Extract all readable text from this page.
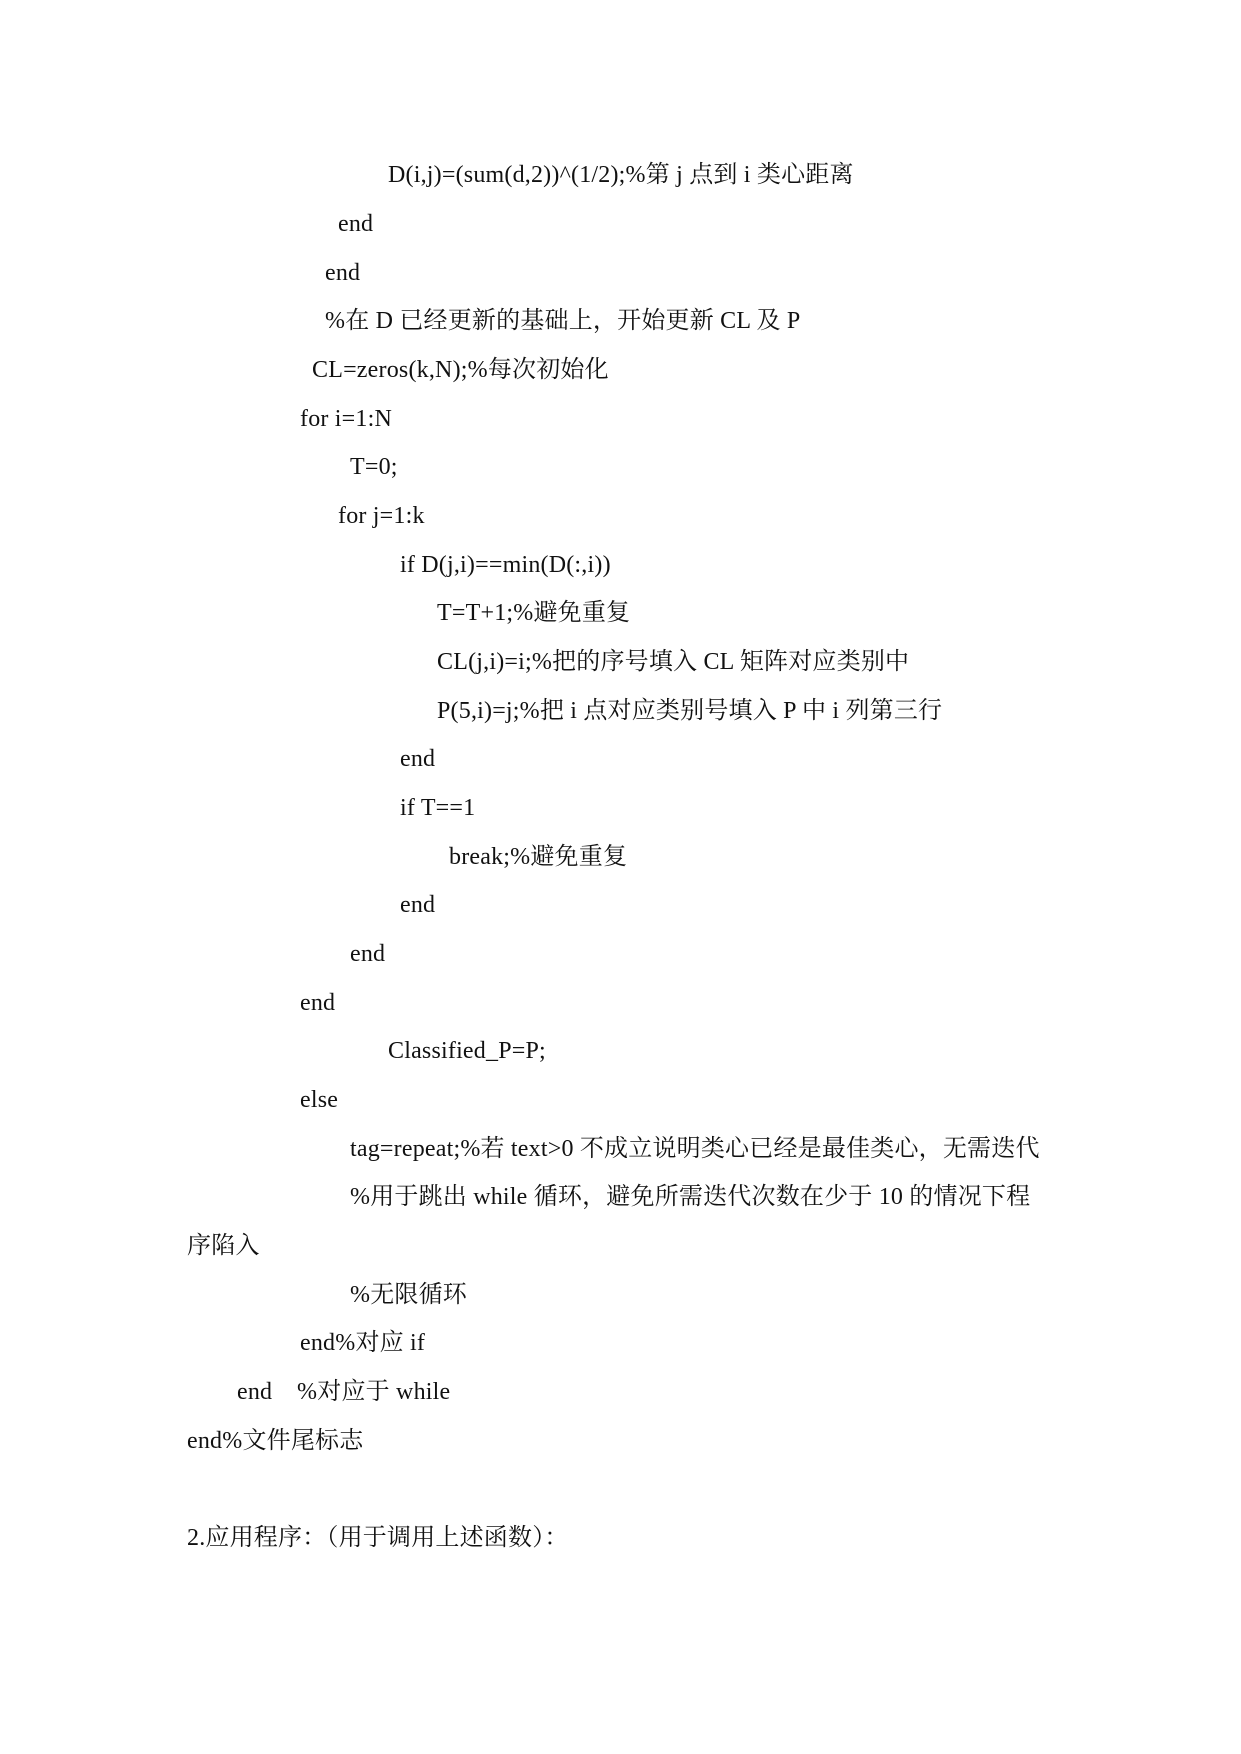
D(i,j)=(sum(d,2))^(1/2);%第 j 点到 i 类心距离
end
end
%在 D 已经更新的基础上，开始更新 CL 及 P
CL=zeros(k,N);%每次初始化
for i=1:N
T=0;
for j=1:k
if D(j,i)==min(D(:,i))
T=T+1;%避免重复
CL(j,i)=i;%把的序号填入 CL 矩阵对应类别中
P(5,i)=j;%把 i 点对应类别号填入 P 中 i 列第三行
end
if T==1
break;%避免重复
end
end
end
Classified_P=P;
else
tag=repeat;%若 text>0 不成立说明类心已经是最佳类心，无需迭代
%用于跳出 while 循环，避免所需迭代次数在少于 10 的情况下程
序陷入
%无限循环
end%对应 if
end    %对应于 while
end%文件尾标志
2.应用程序：（用于调用上述函数）：
